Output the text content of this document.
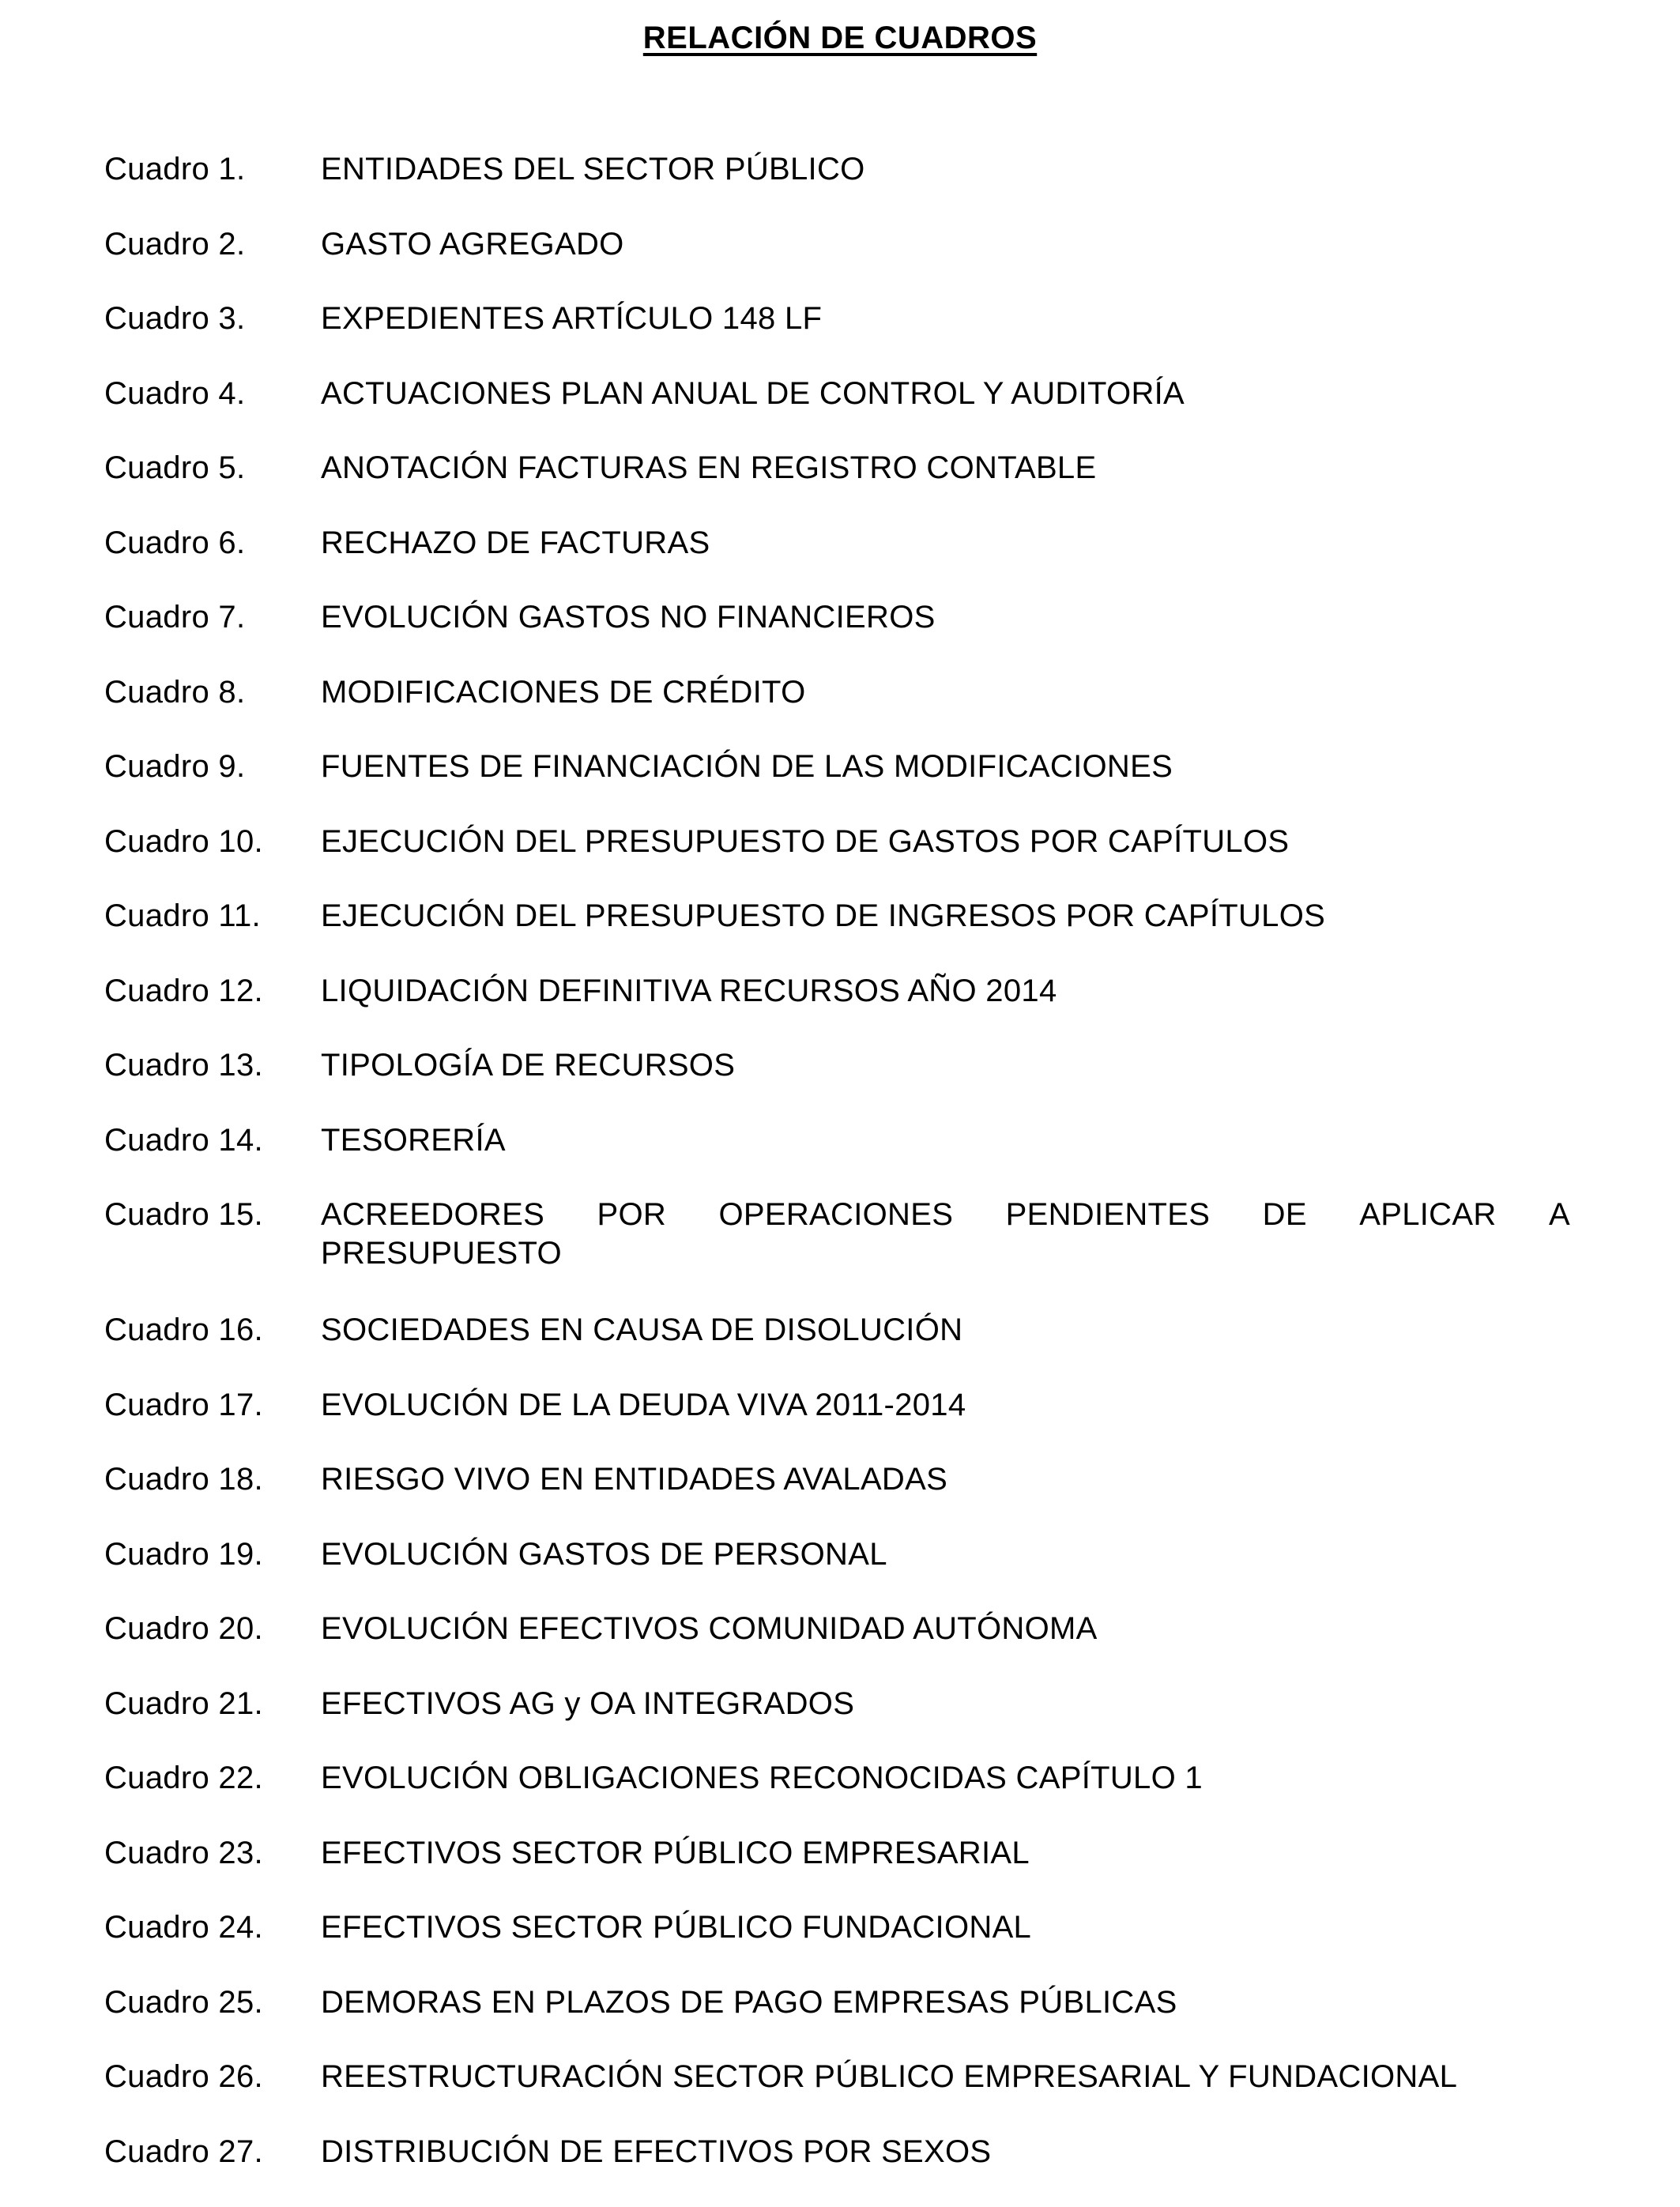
RELACIÓN DE CUADROS
Cuadro 1.	ENTIDADES DEL SECTOR PÚBLICO
Cuadro 2.	GASTO AGREGADO
Cuadro 3.	EXPEDIENTES ARTÍCULO 148 LF
Cuadro 4.	ACTUACIONES PLAN ANUAL DE CONTROL Y AUDITORÍA
Cuadro 5.	ANOTACIÓN FACTURAS EN REGISTRO CONTABLE
Cuadro 6.	RECHAZO DE FACTURAS
Cuadro 7.	EVOLUCIÓN GASTOS NO FINANCIEROS
Cuadro 8.	MODIFICACIONES DE CRÉDITO
Cuadro 9.	FUENTES DE FINANCIACIÓN DE LAS MODIFICACIONES
Cuadro 10.	EJECUCIÓN DEL PRESUPUESTO DE GASTOS POR CAPÍTULOS
Cuadro 11.	EJECUCIÓN DEL PRESUPUESTO DE INGRESOS POR CAPÍTULOS
Cuadro 12.	LIQUIDACIÓN DEFINITIVA RECURSOS AÑO 2014
Cuadro 13.	TIPOLOGÍA DE RECURSOS
Cuadro 14.	TESORERÍA
Cuadro 15.	ACREEDORES POR OPERACIONES PENDIENTES DE APLICAR A
PRESUPUESTO
Cuadro 16.	SOCIEDADES EN CAUSA DE DISOLUCIÓN
Cuadro 17.	EVOLUCIÓN DE LA DEUDA VIVA 2011-2014
Cuadro 18.	RIESGO VIVO EN ENTIDADES AVALADAS
Cuadro 19.	EVOLUCIÓN GASTOS DE PERSONAL
Cuadro 20.	EVOLUCIÓN EFECTIVOS COMUNIDAD AUTÓNOMA
Cuadro 21.	EFECTIVOS AG y OA INTEGRADOS
Cuadro 22.	EVOLUCIÓN OBLIGACIONES RECONOCIDAS CAPÍTULO 1
Cuadro 23.	EFECTIVOS SECTOR PÚBLICO EMPRESARIAL
Cuadro 24.	EFECTIVOS SECTOR PÚBLICO FUNDACIONAL
Cuadro 25.	DEMORAS EN PLAZOS DE PAGO EMPRESAS PÚBLICAS
Cuadro 26.	REESTRUCTURACIÓN SECTOR PÚBLICO EMPRESARIAL Y FUNDACIONAL
Cuadro 27.	DISTRIBUCIÓN DE EFECTIVOS POR SEXOS
